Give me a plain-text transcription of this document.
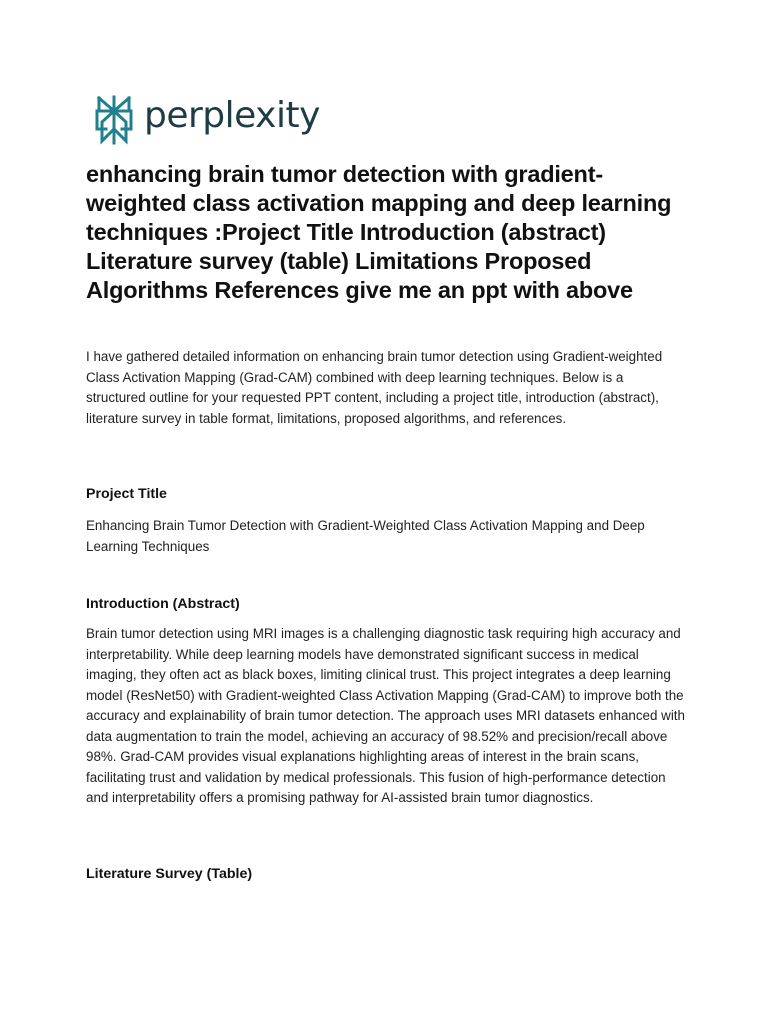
perplexity
enhancing brain tumor detection with gradient-weighted class activation mapping and deep learning techniques :Project Title Introduction (abstract) Literature survey (table) Limitations Proposed Algorithms References give me an ppt with above

I have gathered detailed information on enhancing brain tumor detection using Gradient-weighted Class Activation Mapping (Grad-CAM) combined with deep learning techniques. Below is a structured outline for your requested PPT content, including a project title, introduction (abstract), literature survey in table format, limitations, proposed algorithms, and references.

Project Title

Enhancing Brain Tumor Detection with Gradient-Weighted Class Activation Mapping and Deep Learning Techniques

Introduction (Abstract)

Brain tumor detection using MRI images is a challenging diagnostic task requiring high accuracy and interpretability. While deep learning models have demonstrated significant success in medical imaging, they often act as black boxes, limiting clinical trust. This project integrates a deep learning model (ResNet50) with Gradient-weighted Class Activation Mapping (Grad-CAM) to improve both the accuracy and explainability of brain tumor detection. The approach uses MRI datasets enhanced with data augmentation to train the model, achieving an accuracy of 98.52% and precision/recall above 98%. Grad-CAM provides visual explanations highlighting areas of interest in the brain scans, facilitating trust and validation by medical professionals. This fusion of high-performance detection and interpretability offers a promising pathway for AI-assisted brain tumor diagnostics.

Literature Survey (Table)
